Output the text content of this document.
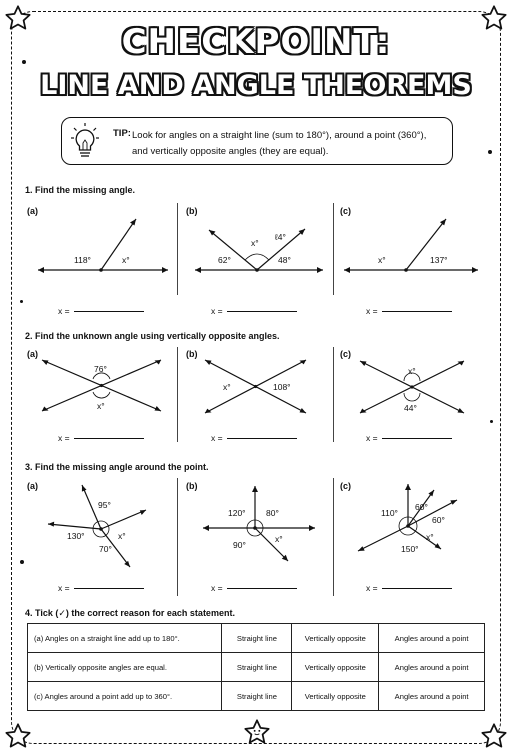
CHECKPOINT:
LINE AND ANGLE THEOREMS
TIP: Look for angles on a straight line (sum to 180°), around a point (360°),
and vertically opposite angles (they are equal).
1. Find the missing angle.
(a)
118°	x°
x =
(b)
62°
x°
ℓ4°
48°
x =
(c)
x°	137°
x =
2. Find the unknown angle using vertically opposite angles.
(a)
76°
x°
x =
(b)
x°	108°
x =
(c)
x°
44°
x =
3. Find the missing angle around the point.
(a)
95°
130°
70°
x°
x =
(b)
120° 80°
90°
x°
x =
(c)
110°
60°
60°
150°
x°
x =
4. Tick (✓) the correct reason for each statement.
(a) Angles on a straight line add up to 180°.	Straight line	Vertically opposite	Angles around a point
(b) Vertically opposite angles are equal.	Straight line	Vertically opposite	Angles around a point
(c) Angles around a point add up to 360°.	Straight line	Vertically opposite	Angles around a point
